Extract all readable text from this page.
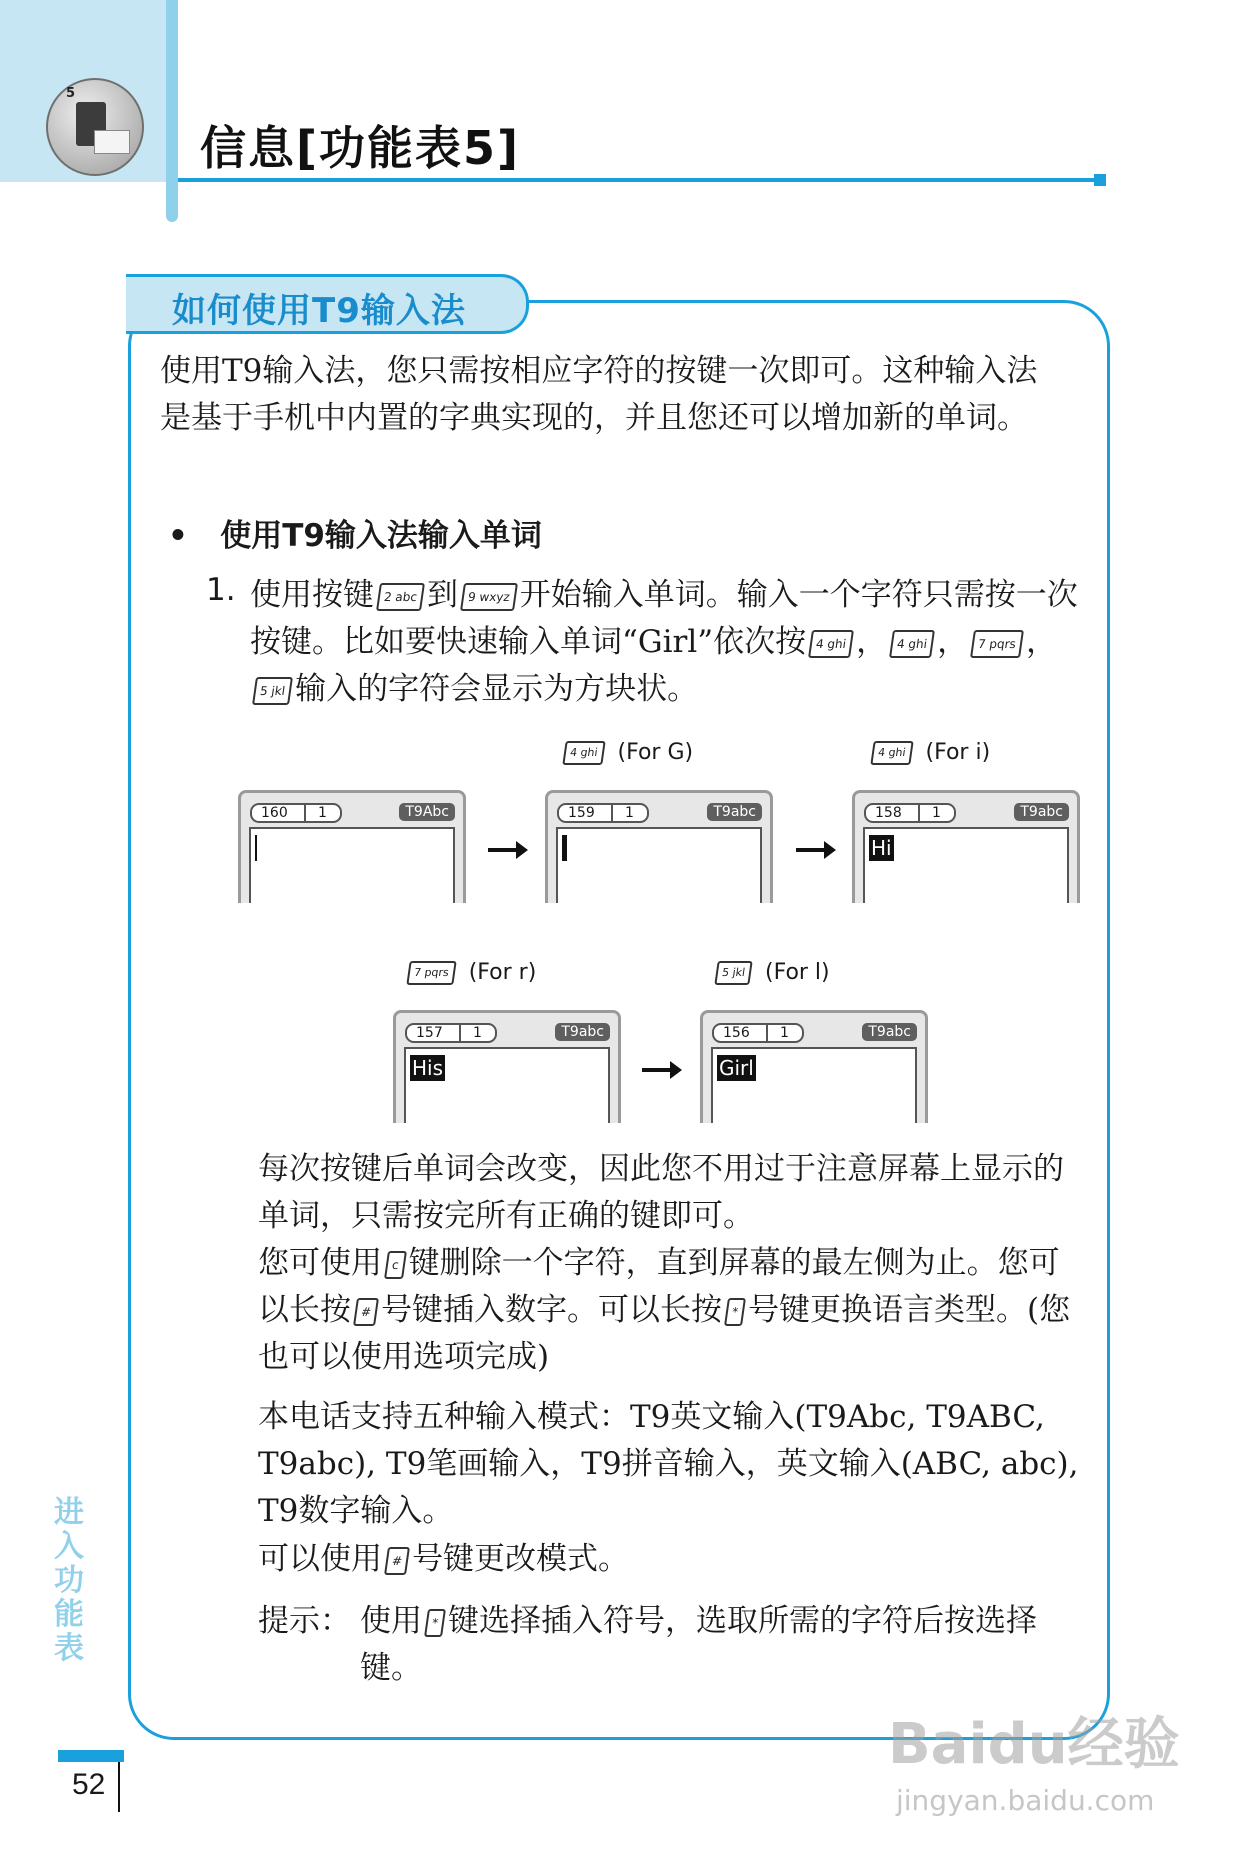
5
信息[功能表5]
如何使用T9输入法

使用T9输入法，您只需按相应字符的按键一次即可。这种输入法是基于手机中内置的字典实现的，并且您还可以增加新的单词。

• 使用T9输入法输入单词
1. 使用按键 2 abc 到 9 wxyz 开始输入单词。输入一个字符只需按一次按键。比如要快速输入单词“Girl”依次按 4 ghi ， 4 ghi ， 7 pqrs ，5 jkl 输入的字符会显示为方块状。

4 ghi (For G)	4 ghi (For i)
7 pqrs (For r)	5 jkl (For l)
160 1	T9Abc	159 1	T9abc	158 1	T9abc
Hi
157 1	T9abc
His
156 1	T9abc
Girl

每次按键后单词会改变，因此您不用过于注意屏幕上显示的单词，只需按完所有正确的键即可。

您可使用 c 键删除一个字符，直到屏幕的最左侧为止。您可以长按 # 号键插入数字。可以长按 * 号键更换语言类型。(您也可以使用选项完成)

本电话支持五种输入模式：T9英文输入(T9Abc, T9ABC, T9abc), T9笔画输入，T9拼音输入，英文输入(ABC, abc), T9数字输入。

可以使用 # 号键更改模式。

提示： 使用 * 键选择插入符号，选取所需的字符后按选择键。

进入功能表
52
Baidu经验
jingyan.baidu.com
